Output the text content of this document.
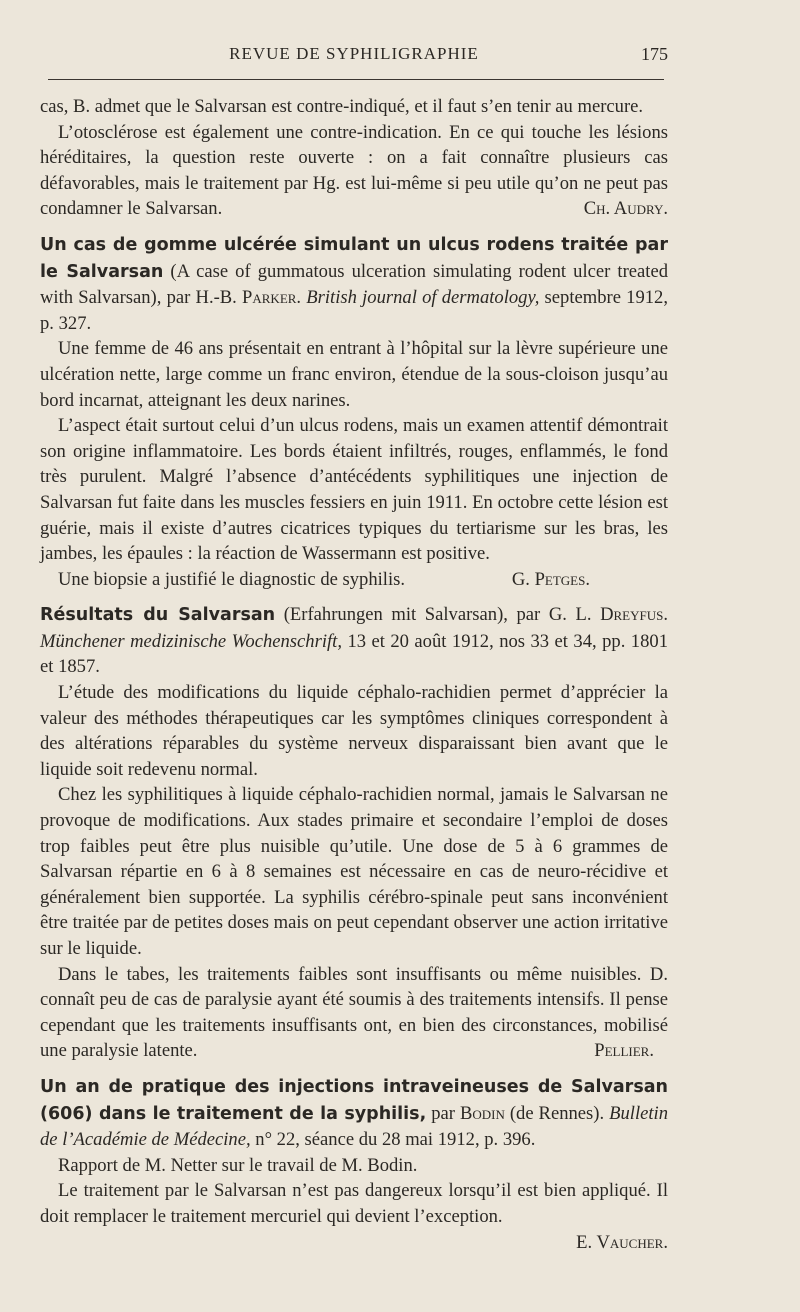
REVUE DE SYPHILIGRAPHIE	175

cas, B. admet que le Salvarsan est contre-indiqué, et il faut s’en tenir au mercure.

L’otosclérose est également une contre-indication. En ce qui touche les lésions héréditaires, la question reste ouverte : on a fait connaître plusieurs cas défavorables, mais le traitement par Hg. est lui-même si peu utile qu’on ne peut pas condamner le Salvarsan.	Ch. Audry.

Un cas de gomme ulcérée simulant un ulcus rodens traitée par le Salvarsan (A case of gummatous ulceration simulating rodent ulcer treated with Salvarsan), par H.-B. Parker. British journal of dermatology, septembre 1912, p. 327.

Une femme de 46 ans présentait en entrant à l’hôpital sur la lèvre supérieure une ulcération nette, large comme un franc environ, étendue de la sous-cloison jusqu’au bord incarnat, atteignant les deux narines.

L’aspect était surtout celui d’un ulcus rodens, mais un examen attentif démontrait son origine inflammatoire. Les bords étaient infiltrés, rouges, enflammés, le fond très purulent. Malgré l’absence d’antécédents syphilitiques une injection de Salvarsan fut faite dans les muscles fessiers en juin 1911. En octobre cette lésion est guérie, mais il existe d’autres cicatrices typiques du tertiarisme sur les bras, les jambes, les épaules : la réaction de Wassermann est positive.

Une biopsie a justifié le diagnostic de syphilis.	G. Petges.

Résultats du Salvarsan (Erfahrungen mit Salvarsan), par G. L. Dreyfus. Münchener medizinische Wochenschrift, 13 et 20 août 1912, nos 33 et 34, pp. 1801 et 1857.

L’étude des modifications du liquide céphalo-rachidien permet d’apprécier la valeur des méthodes thérapeutiques car les symptômes cliniques correspondent à des altérations réparables du système nerveux disparaissant bien avant que le liquide soit redevenu normal.

Chez les syphilitiques à liquide céphalo-rachidien normal, jamais le Salvarsan ne provoque de modifications. Aux stades primaire et secondaire l’emploi de doses trop faibles peut être plus nuisible qu’utile. Une dose de 5 à 6 grammes de Salvarsan répartie en 6 à 8 semaines est nécessaire en cas de neuro-récidive et généralement bien supportée. La syphilis cérébro-spinale peut sans inconvénient être traitée par de petites doses mais on peut cependant observer une action irritative sur le liquide.

Dans le tabes, les traitements faibles sont insuffisants ou même nuisibles. D. connaît peu de cas de paralysie ayant été soumis à des traitements intensifs. Il pense cependant que les traitements insuffisants ont, en bien des circonstances, mobilisé une paralysie latente.	Pellier.

Un an de pratique des injections intraveineuses de Salvarsan (606) dans le traitement de la syphilis, par Bodin (de Rennes). Bulletin de l’Académie de Médecine, n° 22, séance du 28 mai 1912, p. 396.

Rapport de M. Netter sur le travail de M. Bodin.

Le traitement par le Salvarsan n’est pas dangereux lorsqu’il est bien appliqué. Il doit remplacer le traitement mercuriel qui devient l’exception.

E. Vaucher.
